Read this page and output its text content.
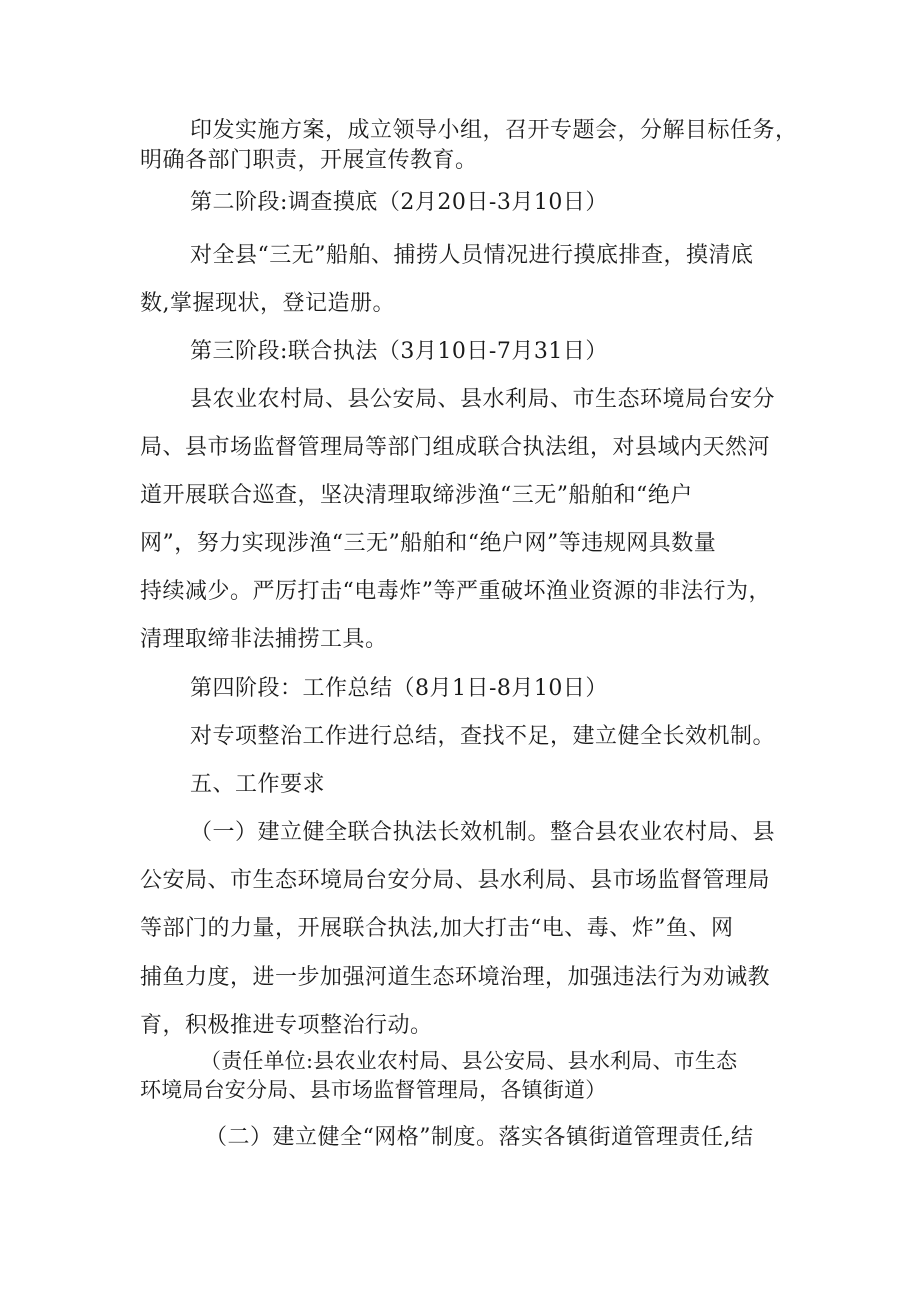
印发实施方案，成立领导小组，召开专题会，分解目标任务，
明确各部门职责，开展宣传教育。
第二阶段:调查摸底（2月20日-3月10日）
对全县“三无”船舶、捕捞人员情况进行摸底排查，摸清底
数,掌握现状，登记造册。
第三阶段:联合执法（3月10日-7月31日）
县农业农村局、县公安局、县水利局、市生态环境局台安分
局、县市场监督管理局等部门组成联合执法组，对县域内天然河
道开展联合巡查，坚决清理取缔涉渔“三无”船舶和“绝户
网”，努力实现涉渔“三无”船舶和“绝户网”等违规网具数量
持续减少。严厉打击“电毒炸”等严重破坏渔业资源的非法行为，
清理取缔非法捕捞工具。
第四阶段：工作总结（8月1日-8月10日）
对专项整治工作进行总结，查找不足，建立健全长效机制。
五、工作要求
（一）建立健全联合执法长效机制。整合县农业农村局、县
公安局、市生态环境局台安分局、县水利局、县市场监督管理局
等部门的力量，开展联合执法,加大打击“电、毒、炸”鱼、网
捕鱼力度，进一步加强河道生态环境治理，加强违法行为劝诫教
育，积极推进专项整治行动。
（责任单位:县农业农村局、县公安局、县水利局、市生态
环境局台安分局、县市场监督管理局，各镇街道）
（二）建立健全“网格”制度。落实各镇街道管理责任,结
